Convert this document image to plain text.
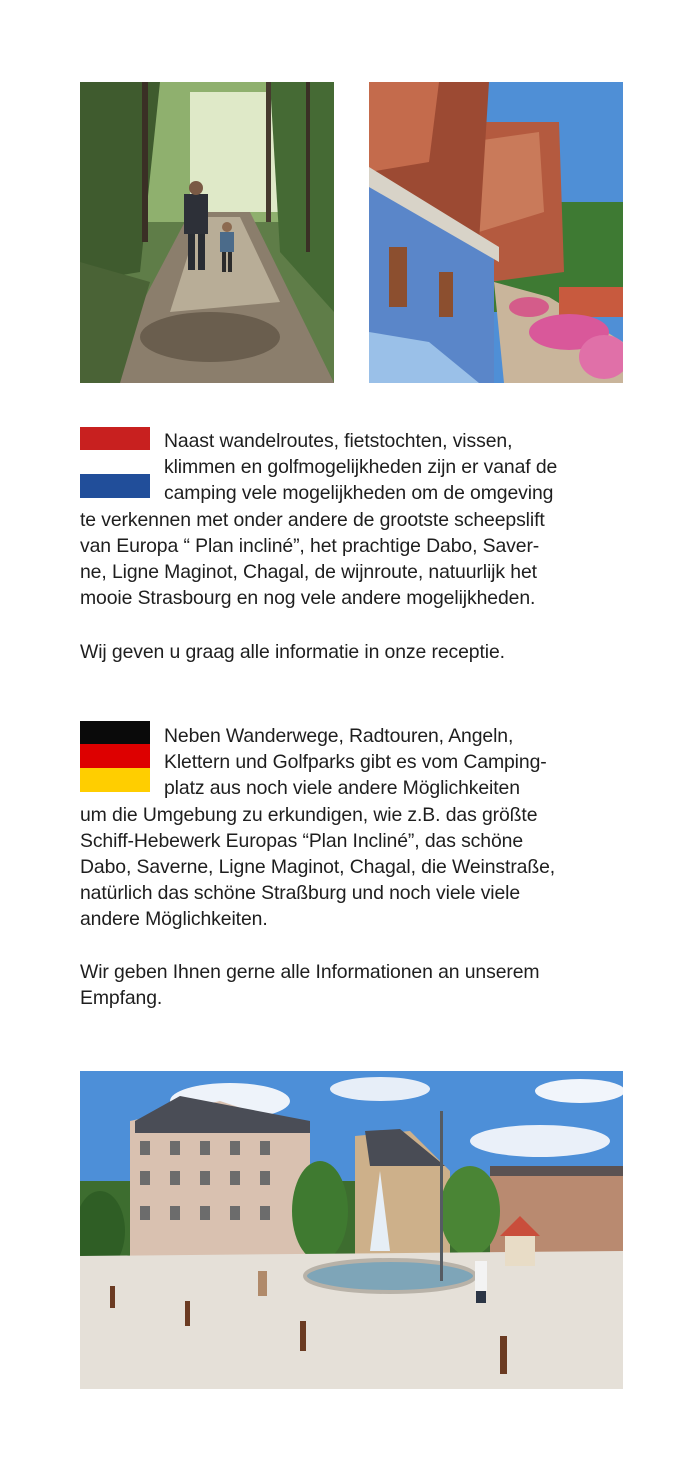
Naast wandelroutes, fietstochten, vissen,
klimmen en golfmogelijkheden zijn er vanaf de
camping vele mogelijkheden om de omgeving
te verkennen met onder andere de grootste scheepslift
van Europa “ Plan incliné”, het prachtige Dabo, Saver-
ne, Ligne Maginot, Chagal, de wijnroute, natuurlijk het
mooie Strasbourg en nog vele andere mogelijkheden.
Wij geven u graag alle informatie in onze receptie.
Neben Wanderwege, Radtouren, Angeln,
Klettern und Golfparks gibt es vom Camping-
platz aus noch viele andere Möglichkeiten
um die Umgebung zu erkundigen, wie z.B. das größte
Schiff-Hebewerk Europas “Plan Incliné”, das schöne
Dabo, Saverne, Ligne Maginot, Chagal, die Weinstraße,
natürlich das schöne Straßburg und noch viele viele
andere Möglichkeiten.
Wir geben Ihnen gerne alle Informationen an unserem
Empfang.
